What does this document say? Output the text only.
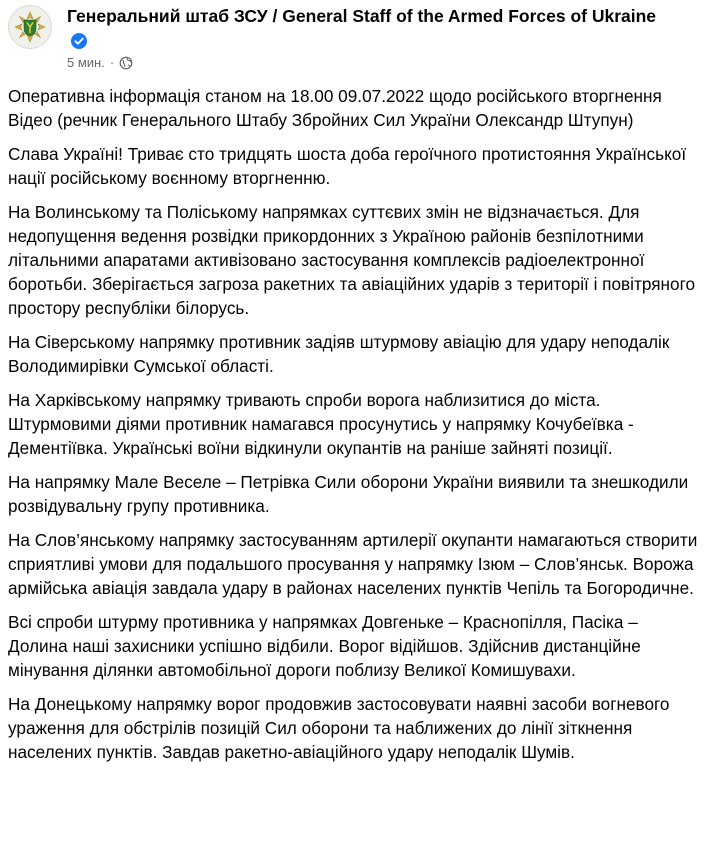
Генеральний штаб ЗСУ / General Staff of the Armed Forces of Ukraine
5 мин. ·

Оперативна інформація станом на 18.00 09.07.2022 щодо російського вторгнення

Відео (речник Генерального Штабу Збройних Сил України Олександр Штупун)

Слава Україні! Триває сто тридцять шоста доба героїчного протистояння Української нації російському воєнному вторгненню.

На Волинському та Поліському напрямках суттєвих змін не відзначається. Для недопущення ведення розвідки прикордонних з Україною районів безпілотними літальними апаратами активізовано застосування комплексів радіоелектронної боротьби. Зберігається загроза ракетних та авіаційних ударів з території і повітряного простору республіки білорусь.

На Сіверському напрямку противник задіяв штурмову авіацію для удару неподалік Володимирівки Сумської області.

На Харківському напрямку тривають спроби ворога наблизитися до міста. Штурмовими діями противник намагався просунутись у напрямку Кочубеївка - Дементіївка. Українські воїни відкинули окупантів на раніше зайняті позиції.

На напрямку Мале Веселе – Петрівка Сили оборони України виявили та знешкодили розвідувальну групу противника.

На Слов’янському напрямку застосуванням артилерії окупанти намагаються створити сприятливі умови для подальшого просування у напрямку Ізюм – Слов’янськ. Ворожа армійська авіація завдала удару в районах населених пунктів Чепіль та Богородичне.

Всі спроби штурму противника у напрямках Довгеньке – Краснопілля, Пасіка – Долина наші захисники успішно відбили. Ворог відійшов. Здійснив дистанційне мінування ділянки автомобільної дороги поблизу Великої Комишувахи.

На Донецькому напрямку ворог продовжив застосовувати наявні засоби вогневого ураження для обстрілів позицій Сил оборони та наближених до лінії зіткнення населених пунктів. Завдав ракетно-авіаційного удару неподалік Шумів.
